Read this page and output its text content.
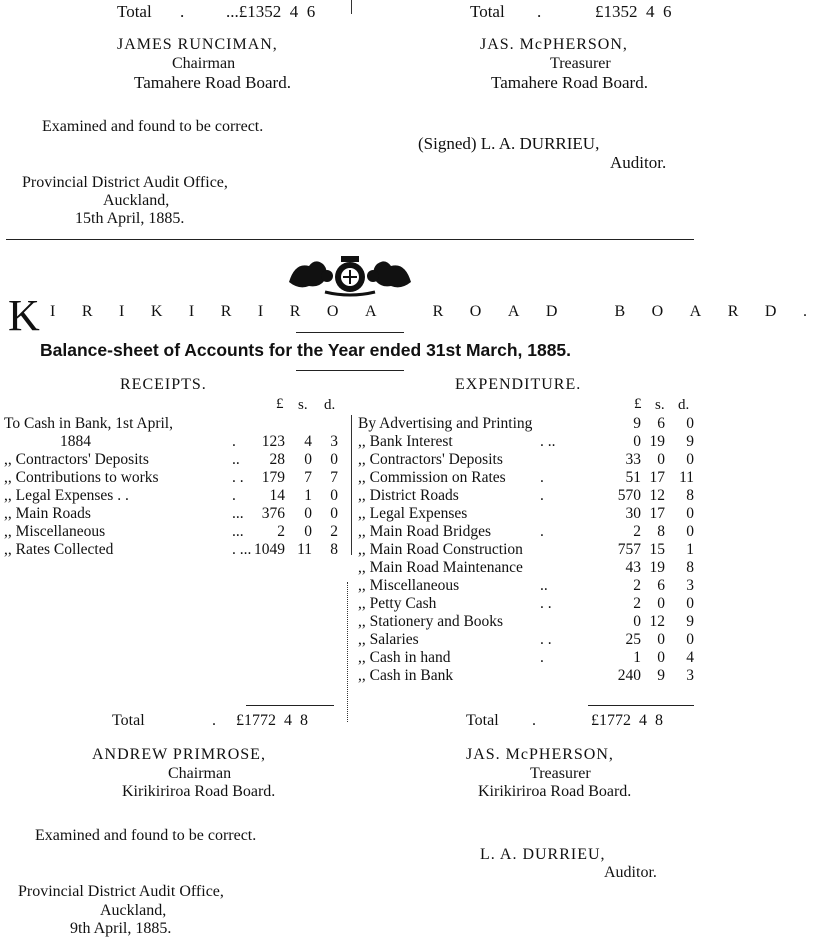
Total . ...£1352  4  6	Total .	£1352  4  6
JAMES RUNCIMAN,
Chairman
Tamahere Road Board.
JAS. McPHERSON,
Treasurer
Tamahere Road Board.
Examined and found to be correct.
(Signed) L. A. DURRIEU,
Auditor.
Provincial District Audit Office,
Auckland,
15th April, 1885.
K IRIKIRIROA ROAD BOARD.
Balance-sheet of Accounts for the Year ended 31st March, 1885.
RECEIPTS.
£ s. d.
EXPENDITURE.
£ s. d.
To Cash in Bank, 1st April,
1884	. 123 4 3
,, Contractors' Deposits	.. 28 0 0
,, Contributions to works	. . 179 7 7
,, Legal Expenses . .	. 14 1 0
,, Main Roads	... 376 0 0
,, Miscellaneous	... 2 0 2
,, Rates Collected	. ... 1049 11 8
By Advertising and Printing	9 6 0
,, Bank Interest	. ..	0 19 9
,, Contractors' Deposits	33 0 0
,, Commission on Rates .	51 17 11
,, District Roads	.	570 12 8
,, Legal Expenses	30 17 0
,, Main Road Bridges	.	2 8 0
,, Main Road Construction	757 15 1
,, Main Road Maintenance	43 19 8
,, Miscellaneous	..	2 6 3
,, Petty Cash	. .	2 0 0
,, Stationery and Books	0 12 9
,, Salaries	. .	25 0 0
,, Cash in hand	.	1 0 4
,, Cash in Bank	240 9 3
Total	. £1772  4  8	Total .	£1772  4  8
ANDREW PRIMROSE,
Chairman
Kirikiriroa Road Board.
JAS. McPHERSON,
Treasurer
Kirikiriroa Road Board.
Examined and found to be correct.
L. A. DURRIEU,
Auditor.
Provincial District Audit Office,
Auckland,
9th April, 1885.
